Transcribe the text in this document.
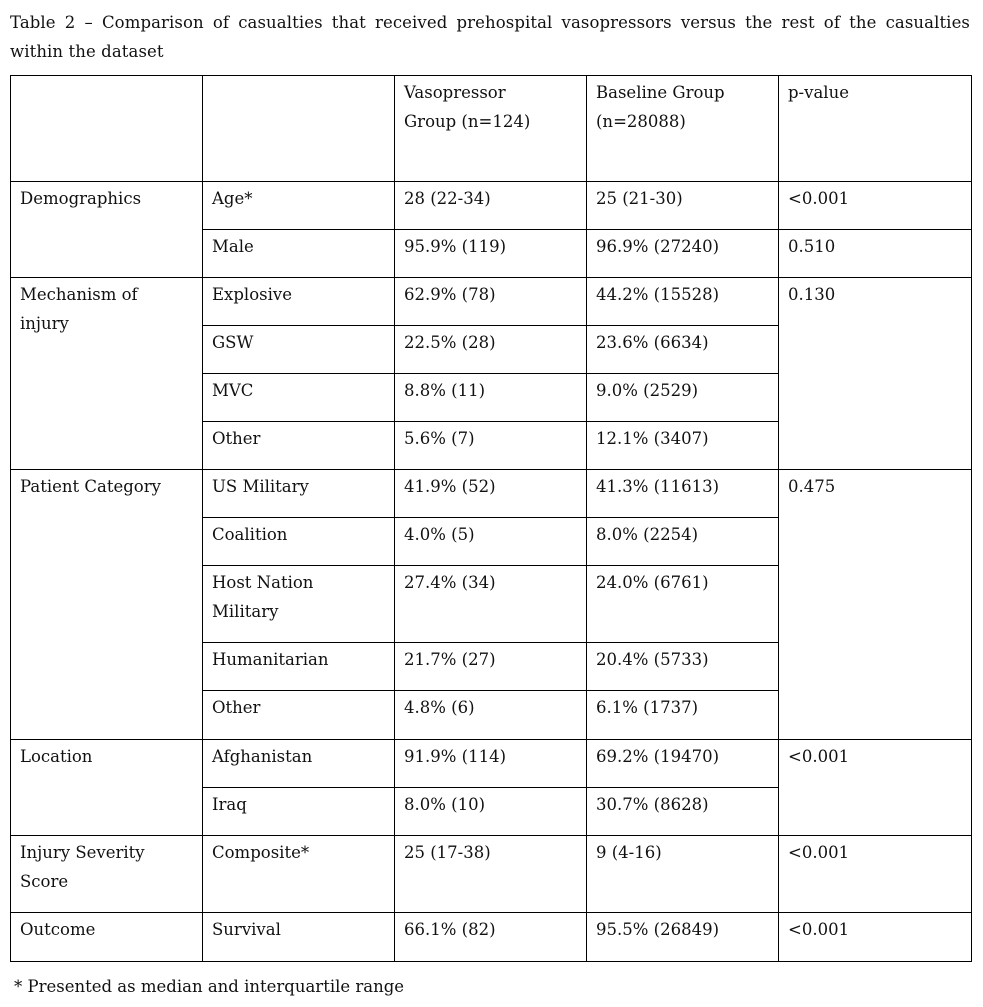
Table 2 – Comparison of casualties that received prehospital vasopressors versus the rest of the casualties within the dataset
		Vasopressor Group (n=124)	Baseline Group (n=28088)	p-value
Demographics	Age*	28 (22-34)	25 (21-30)	<0.001
	Male	95.9% (119)	96.9% (27240)	0.510
Mechanism of injury	Explosive	62.9% (78)	44.2% (15528)	0.130
	GSW	22.5% (28)	23.6% (6634)	
	MVC	8.8% (11)	9.0% (2529)	
	Other	5.6% (7)	12.1% (3407)	
Patient Category	US Military	41.9% (52)	41.3% (11613)	0.475
	Coalition	4.0% (5)	8.0% (2254)	
	Host Nation Military	27.4% (34)	24.0% (6761)	
	Humanitarian	21.7% (27)	20.4% (5733)	
	Other	4.8% (6)	6.1% (1737)	
Location	Afghanistan	91.9% (114)	69.2% (19470)	<0.001
	Iraq	8.0% (10)	30.7% (8628)	
Injury Severity Score	Composite*	25 (17-38)	9 (4-16)	<0.001
Outcome	Survival	66.1% (82)	95.5% (26849)	<0.001
* Presented as median and interquartile range
